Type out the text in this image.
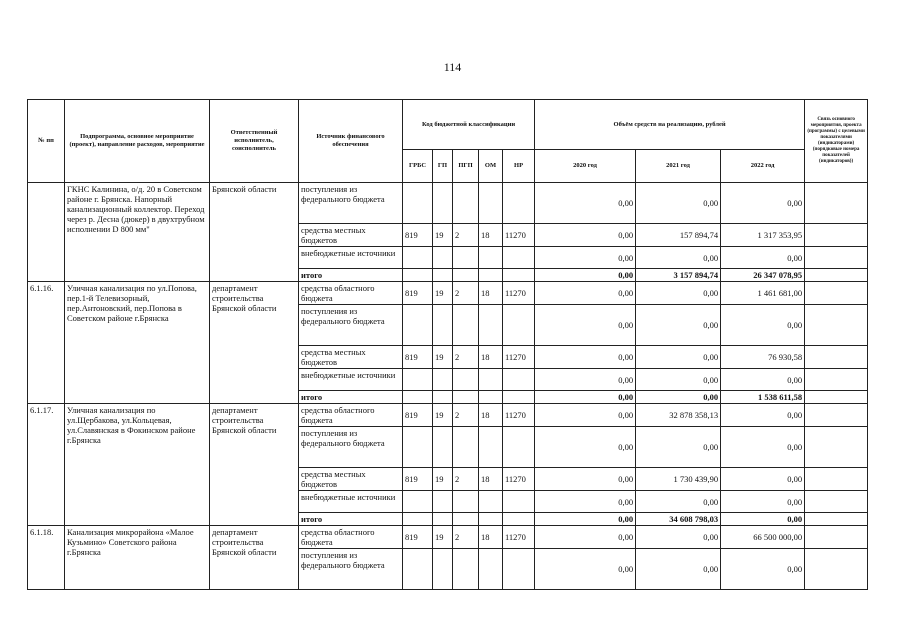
114
№ пп	Подпрограмма, основное мероприятие (проект), направление расходов, мероприятие	Ответственный исполнитель, соисполнитель	Источник финансового обеспечения	Код бюджетной классификации					Объём средств на реализацию, рублей			Связь основного мероприятия, проекта (программы) с целевыми показателями (индикаторами) (порядковые номера показателей (индикаторов))
				ГРБС	ГП	ПГП	ОМ	НР	2020 год	2021 год	2022 год	
	ГКНС Калинина, о/д. 20 в Советском районе г. Брянска. Напорный канализационный коллектор. Переход через р. Десна (дюкер) в двухтрубном исполнении D 800 мм"	Брянской области	поступления из федерального бюджета						0,00	0,00	0,00	
			средства местных бюджетов	819	19	2	18	11270	0,00	157 894,74	1 317 353,95	
			внебюджетные источники						0,00	0,00	0,00	
			итого						0,00	3 157 894,74	26 347 078,95	
6.1.16.	Уличная канализация по ул.Попова, пер.1-й Телевизорный, пер.Антоновский, пер.Попова в Советском районе г.Брянска	департамент строительства Брянской области	средства областного бюджета	819	19	2	18	11270	0,00	0,00	1 461 681,00	
			поступления из федерального бюджета						0,00	0,00	0,00	
			средства местных бюджетов	819	19	2	18	11270	0,00	0,00	76 930,58	
			внебюджетные источники						0,00	0,00	0,00	
			итого						0,00	0,00	1 538 611,58	
6.1.17.	Уличная канализация по ул.Щербакова, ул.Кольцевая, ул.Славянская в Фокинском районе г.Брянска	департамент строительства Брянской области	средства областного бюджета	819	19	2	18	11270	0,00	32 878 358,13	0,00	
			поступления из федерального бюджета						0,00	0,00	0,00	
			средства местных бюджетов	819	19	2	18	11270	0,00	1 730 439,90	0,00	
			внебюджетные источники						0,00	0,00	0,00	
			итого						0,00	34 608 798,03	0,00	
6.1.18.	Канализация микрорайона «Малое Кузьмино» Советского района г.Брянска	департамент строительства Брянской области	средства областного бюджета	819	19	2	18	11270	0,00	0,00	66 500 000,00	
			поступления из федерального бюджета						0,00	0,00	0,00	
